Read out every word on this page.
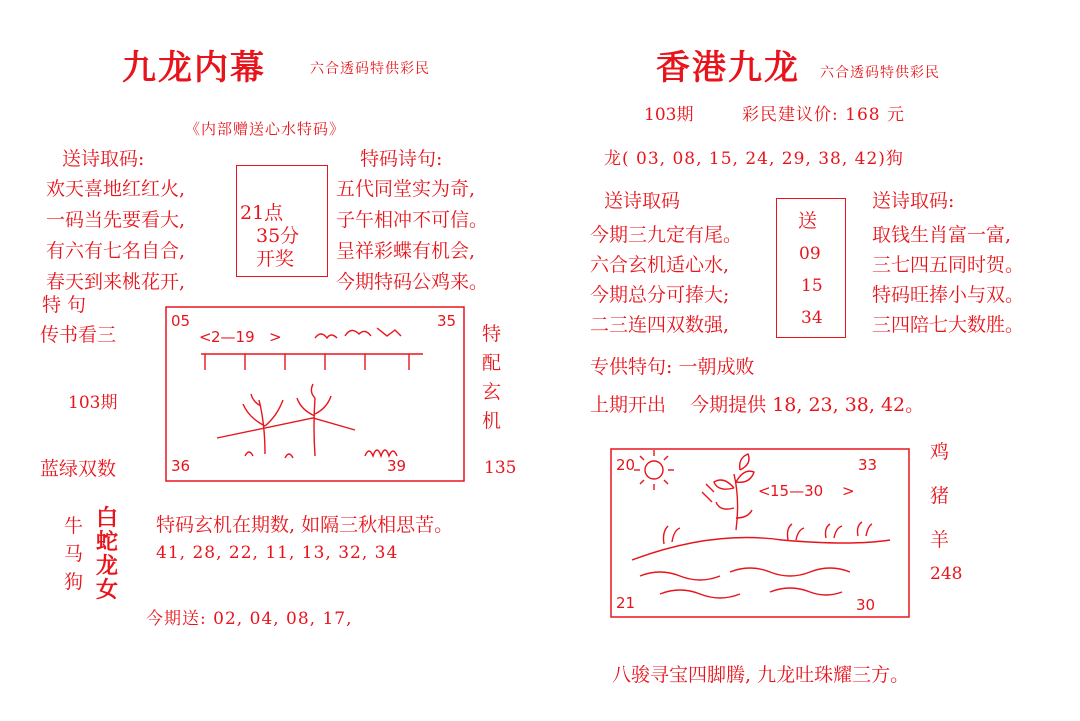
九龙内幕	六合透码特供彩民
《内部赠送心水特码》
送诗取码:
欢天喜地红红火,
一码当先要看大,
有六有七名自合,
春天到来桃花开,
21点
35分
开奖
特码诗句:
五代同堂实为奇,
子午相冲不可信。
呈祥彩蝶有机会,
今期特码公鸡来。
特 句
传书看三
103期
蓝绿双数
特
配
玄
机
135
05	35
36	39
< 2—19 >
牛
马
狗
白
蛇
龙
女
特码玄机在期数, 如隔三秋相思苦。
41, 28, 22, 11, 13, 32, 34
今期送: 02, 04, 08, 17,
香港九龙 六合透码特供彩民
103期	彩民建议价: 168 元
龙( 03, 08, 15, 24, 29, 38, 42)狗
送诗取码
今期三九定有尾。
六合玄机适心水,
今期总分可捧大;
二三连四双数强,
送
09
15
34
送诗取码:
取钱生肖富一富,
三七四五同时贺。
特码旺捧小与双。
三四陪七大数胜。
专供特句: 一朝成败
上期开出    今期提供 18, 23, 38, 42。
20	33
21	30
< 15—30 >
鸡
猪
羊
248
八骏寻宝四脚腾, 九龙吐珠耀三方。
